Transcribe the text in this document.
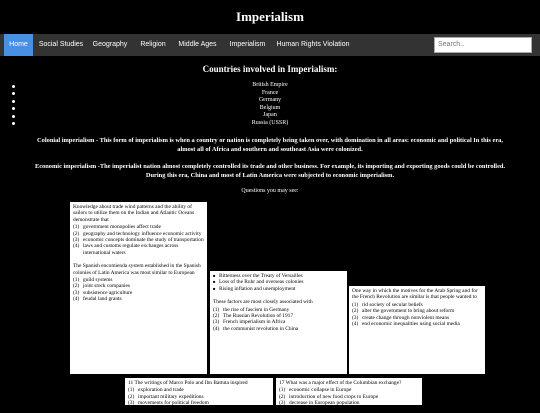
Imperialism
Home	Social Studies Geography	Religion	Middle Ages	Imperialism	Human Rights Violation	Search..
Countries involved in Imperialism:
British Empire
France
Germany
Belgium
Japan
Russia (USSR)

Colonial imperialism - This form of imperialism is when a country or nation is completely being taken over, with domination in all areas: economic and political In this era, almost all of Africa and southern and southeast Asia were colonized.

Economic imperialism -The imperialist nation almost completely controlled its trade and other business. For example, its importing and exporting goods could be controlled. During this era, China and most of Latin America were subjected to economic imperialism.

Questions you may see:

Knowledge about trade wind patterns and the ability of sailors to utilize them on the Indian and Atlantic Oceans demonstrate that

(1) government monopolies affect trade
(2) geography and technology influence economic activity
(3) economic concepts dominate the study of transportation
(4) laws and customs regulate exchanges across international waters

The Spanish encomienda system established in the Spanish colonies of Latin America was most similar to European

(1) guild systems
(2) joint stock companies
(3) subsistence agriculture
(4) feudal land grants
■ Bitterness over the Treaty of Versailles
■ Loss of the Ruhr and overseas colonies
■ Rising inflation and unemployment

These factors are most closely associated with

(1) the rise of fascism in Germany
(2) The Russian Revolution of 1917
(3) French imperialism in Africa
(4) the communist revolution in China

One way in which the motives for the Arab Spring and for the French Revolution are similar is that people wanted to

(1) rid society of secular beliefs
(2) alter the government to bring about reform
(3) create change through nonviolent means
(4) end economic inequalities using social media

11 The writings of Marco Polo and Ibn Battuta inspired

(1) exploration and trade
(2) important military expeditions
(3) movements for political freedom
(4) the spread of Islam to Southeast Asia

17 What was a major effect of the Columbian exchange?

(1) economic collapse in Europe
(2) introduction of new food crops to Europe
(3) decrease in European population
(4) expansion of democratic rights throughout Europe
